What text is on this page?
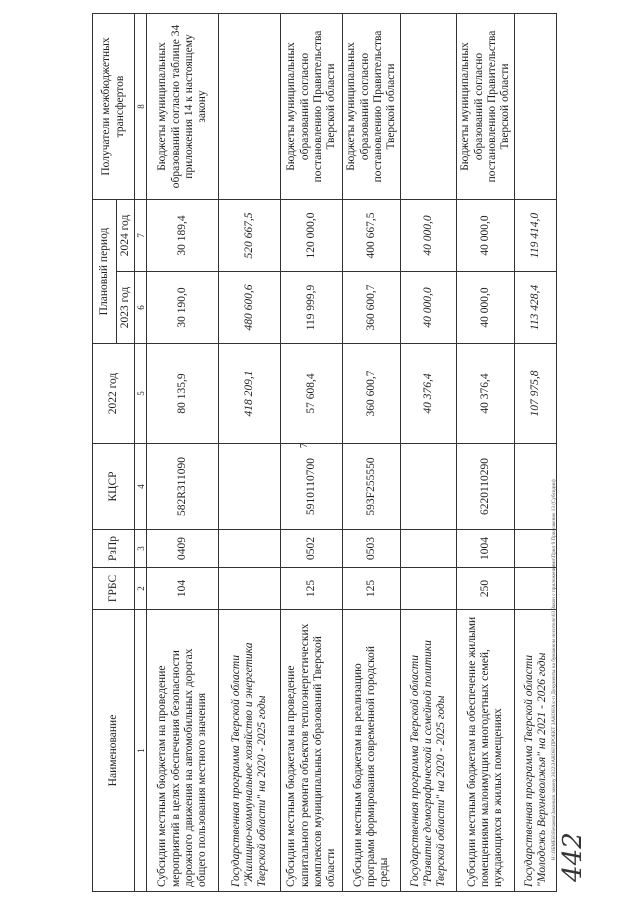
7
Наименование	ГРБС	РзПр	КЦСР	2022 год	Плановый период		Получатели межбюджетных трансфертов
					2023 год	2024 год	
1	2	3	4	5	6	7	8
Субсидии местным бюджетам на проведение мероприятий в целях обеспечения безопасности дорожного движения на автомобильных дорогах общего пользования местного значения	104	0409	582R311090	80 135,9	30 190,0	30 189,4	Бюджеты муниципальных образований согласно таблице 34 приложения 14 к настоящему закону
Государственная программа Тверской области "Жилищно-коммунальное хозяйство и энергетика Тверской области" на 2020 - 2025 годы				418 209,1	480 600,6	520 667,5	
Субсидии местным бюджетам на проведение капитального ремонта объектов теплоэнергетических комплексов муниципальных образований Тверской области	125	0502	5910110700	57 608,4	119 999,9	120 000,0	Бюджеты муниципальных образований согласно постановлению Правительства Тверской области
Субсидии местным бюджетам на реализацию программ формирования современной городской среды	125	0503	593F255550	360 600,7	360 600,7	400 667,5	Бюджеты муниципальных образований согласно постановлению Правительства Тверской области
Государственная программа Тверской области "Развитие демографической и семейной политики Тверской области" на 2020 - 2025 годы				40 376,4	40 000,0	40 000,0	
Субсидии местным бюджетам на обеспечение жилыми помещениями малоимущих многодетных семей, нуждающихся в жилых помещениях	250	1004	6220110290	40 376,4	40 000,0	40 000,0	Бюджеты муниципальных образований согласно постановлению Правительства Тверской области
Государственная программа Тверской области "Молодежь Верхневолжья" на 2021 - 2026 годы				107 975,8	113 428,4	119 414,0	
H:\ОБМЕН\Нечаева\Законы\к закону 2022\ЗАКОН\ПРОЕКТ ЗАКОНА\с-п Документы на бумажном носителе\03 Закон с приложениями\Прил 9 Приложение 13 (Субсидии) 442
